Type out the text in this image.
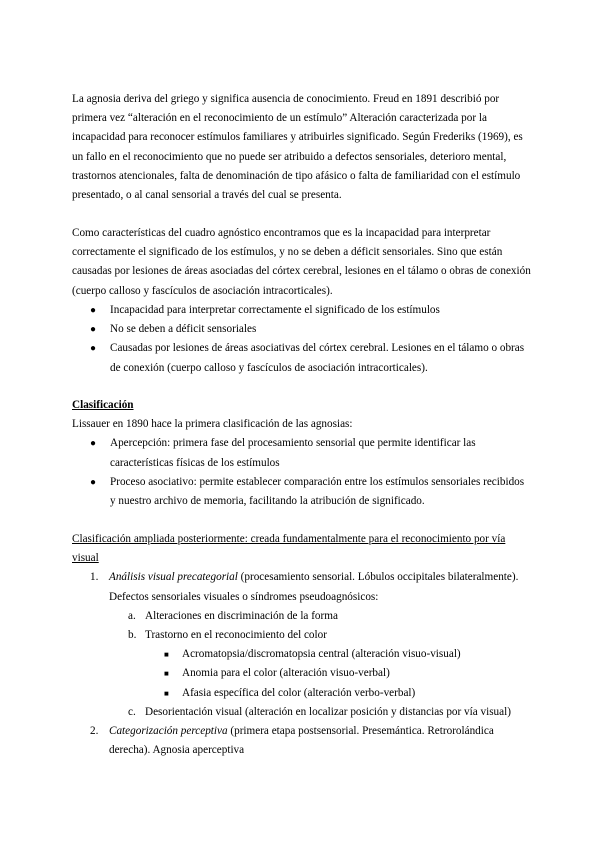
La agnosia deriva del griego y significa ausencia de conocimiento. Freud en 1891 describió por primera vez “alteración en el reconocimiento de un estímulo” Alteración caracterizada por la incapacidad para reconocer estímulos familiares y atribuirles significado. Según Frederiks (1969), es un fallo en el reconocimiento que no puede ser atribuido a defectos sensoriales, deterioro mental, trastornos atencionales, falta de denominación de tipo afásico o falta de familiaridad con el estímulo presentado, o al canal sensorial a través del cual se presenta.

Como características del cuadro agnóstico encontramos que es la incapacidad para interpretar correctamente el significado de los estímulos, y no se deben a déficit sensoriales. Sino que están causadas por lesiones de áreas asociadas del córtex cerebral, lesiones en el tálamo o obras de conexión (cuerpo calloso y fascículos de asociación intracorticales).

● Incapacidad para interpretar correctamente el significado de los estímulos
● No se deben a déficit sensoriales
● Causadas por lesiones de áreas asociativas del córtex cerebral. Lesiones en el tálamo o obras de conexión (cuerpo calloso y fascículos de asociación intracorticales).

Clasificación

Lissauer en 1890 hace la primera clasificación de las agnosias:

● Apercepción: primera fase del procesamiento sensorial que permite identificar las características físicas de los estímulos
● Proceso asociativo: permite establecer comparación entre los estímulos sensoriales recibidos y nuestro archivo de memoria, facilitando la atribución de significado.

Clasificación ampliada posteriormente: creada fundamentalmente para el reconocimiento por vía visual

1. Análisis visual precategorial (procesamiento sensorial. Lóbulos occipitales bilateralmente).

Defectos sensoriales visuales o síndromes pseudoagnósicos:

a. Alteraciones en discriminación de la forma
b. Trastorno en el reconocimiento del color
■ Acromatopsia/discromatopsia central (alteración visuo-visual)
■ Anomia para el color (alteración visuo-verbal)
■ Afasia específica del color (alteración verbo-verbal)
c. Desorientación visual (alteración en localizar posición y distancias por vía visual)
2. Categorización perceptiva (primera etapa postsensorial. Presemántica. Retrorolándica derecha). Agnosia aperceptiva
